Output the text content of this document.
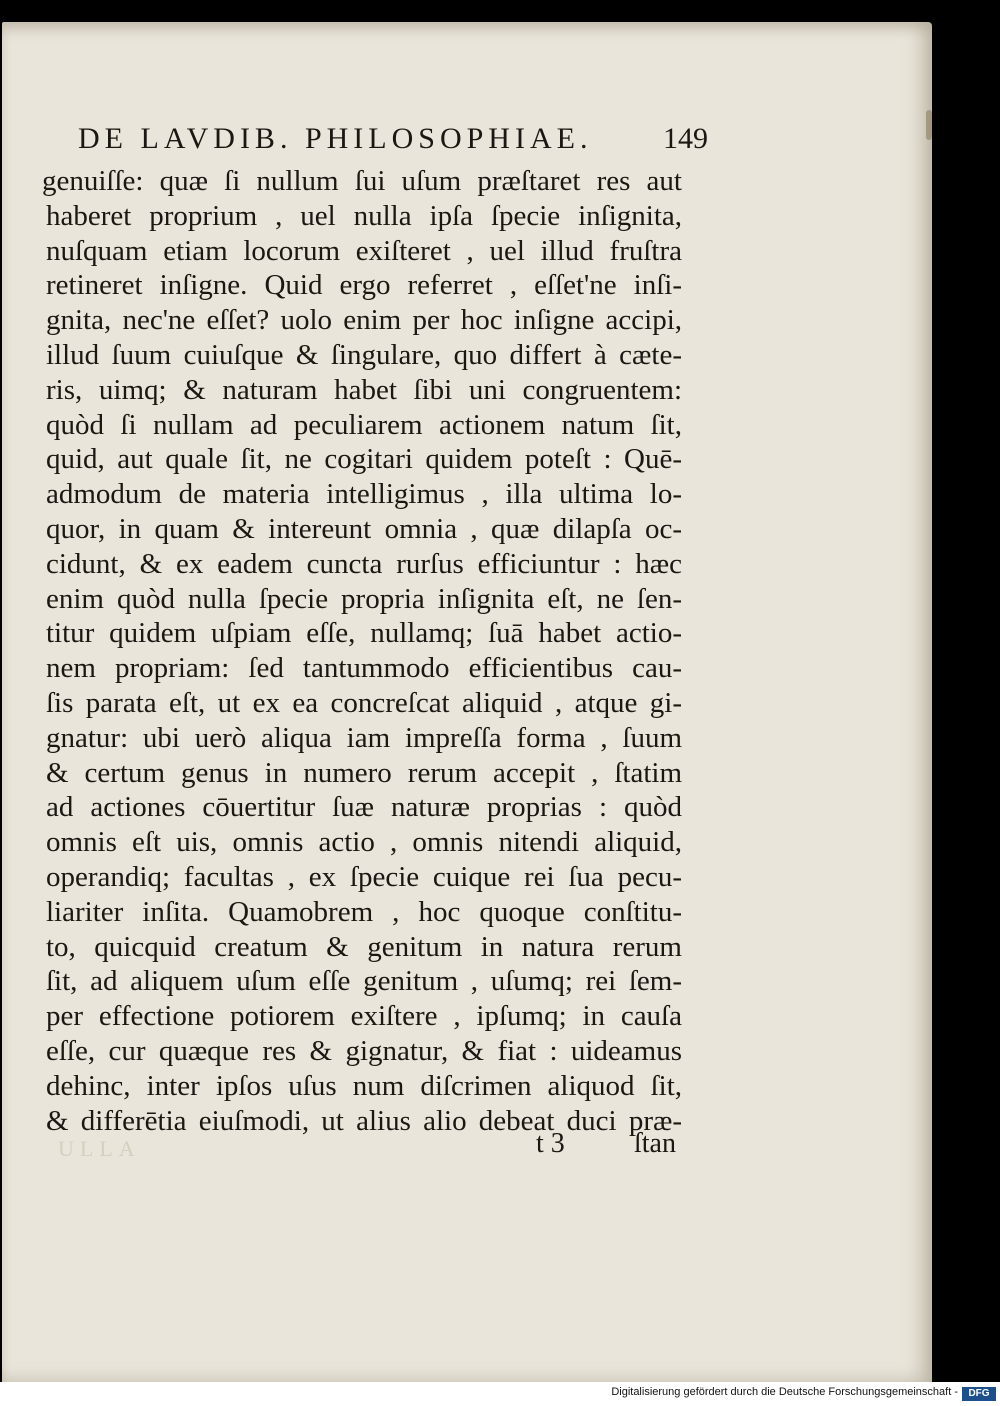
DE LAVDIB. PHILOSOPHIAE. 149
genuiſſe: quæ ſi nullum ſui uſum præſtaret res aut
haberet proprium , uel nulla ipſa ſpecie inſignita,
nuſquam etiam locorum exiſteret , uel illud fruſtra
retineret inſigne. Quid ergo referret , eſſet'ne inſi-
gnita, nec'ne eſſet? uolo enim per hoc inſigne accipi,
illud ſuum cuiuſque & ſingulare, quo differt à cæte-
ris, uimq; & naturam habet ſibi uni congruentem:
quòd ſi nullam ad peculiarem actionem natum ſit,
quid, aut quale ſit, ne cogitari quidem poteſt : Quē-
admodum de materia intelligimus , illa ultima lo-
quor, in quam & intereunt omnia , quæ dilapſa oc-
cidunt, & ex eadem cuncta rurſus efficiuntur : hæc
enim quòd nulla ſpecie propria inſignita eſt, ne ſen-
titur quidem uſpiam eſſe, nullamq; ſuā habet actio-
nem propriam: ſed tantummodo efficientibus cau-
ſis parata eſt, ut ex ea concreſcat aliquid , atque gi-
gnatur: ubi uerò aliqua iam impreſſa forma , ſuum
& certum genus in numero rerum accepit , ſtatim
ad actiones cōuertitur ſuæ naturæ proprias : quòd
omnis eſt uis, omnis actio , omnis nitendi aliquid,
operandiq; facultas , ex ſpecie cuique rei ſua pecu-
liariter inſita. Quamobrem , hoc quoque conſtitu-
to, quicquid creatum & genitum in natura rerum
ſit, ad aliquem uſum eſſe genitum , uſumq; rei ſem-
per effectione potiorem exiſtere , ipſumq; in cauſa
eſſe, cur quæque res & gignatur, & fiat : uideamus
dehinc, inter ipſos uſus num diſcrimen aliquod ſit,
& differētia eiuſmodi, ut alius alio debeat duci præ-
ULLA	t 3 ſtan
Digitalisierung gefördert durch die Deutsche Forschungsgemeinschaft -	DFG
